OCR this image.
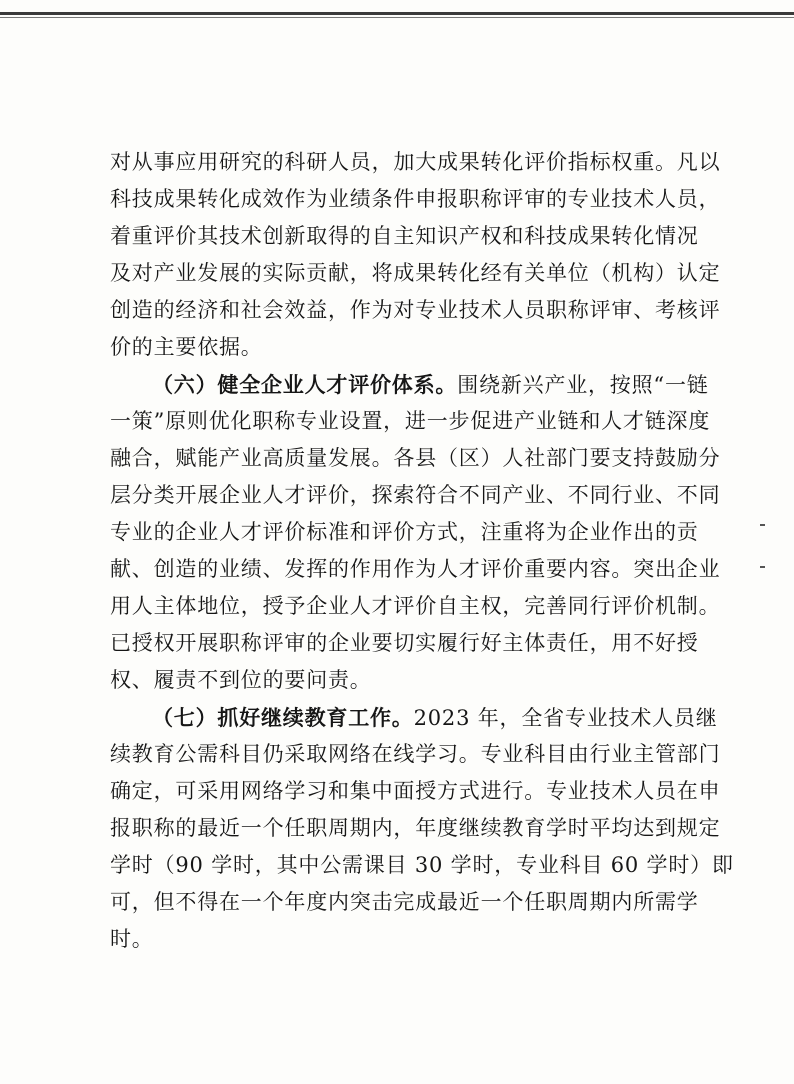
对从事应用研究的科研人员，加大成果转化评价指标权重。凡以
科技成果转化成效作为业绩条件申报职称评审的专业技术人员，
着重评价其技术创新取得的自主知识产权和科技成果转化情况
及对产业发展的实际贡献，将成果转化经有关单位（机构）认定
创造的经济和社会效益，作为对专业技术人员职称评审、考核评
价的主要依据。
（六）健全企业人才评价体系。围绕新兴产业，按照“一链
一策”原则优化职称专业设置，进一步促进产业链和人才链深度
融合，赋能产业高质量发展。各县（区）人社部门要支持鼓励分
层分类开展企业人才评价，探索符合不同产业、不同行业、不同
专业的企业人才评价标准和评价方式，注重将为企业作出的贡
献、创造的业绩、发挥的作用作为人才评价重要内容。突出企业
用人主体地位，授予企业人才评价自主权，完善同行评价机制。
已授权开展职称评审的企业要切实履行好主体责任，用不好授
权、履责不到位的要问责。
（七）抓好继续教育工作。2023 年，全省专业技术人员继
续教育公需科目仍采取网络在线学习。专业科目由行业主管部门
确定，可采用网络学习和集中面授方式进行。专业技术人员在申
报职称的最近一个任职周期内，年度继续教育学时平均达到规定
学时（90 学时，其中公需课目 30 学时，专业科目 60 学时）即
可，但不得在一个年度内突击完成最近一个任职周期内所需学
时。
